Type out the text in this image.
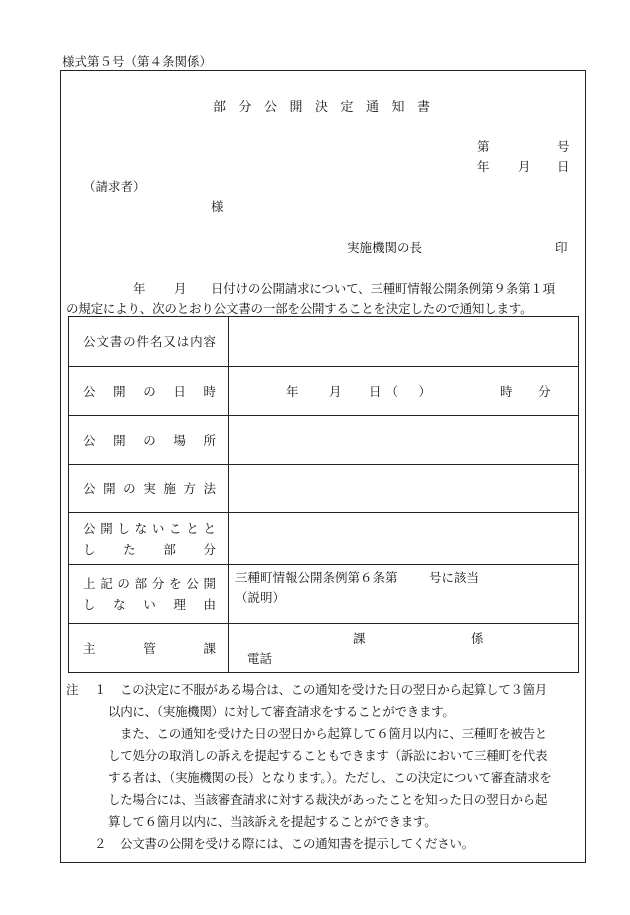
様式第５号（第４条関係）
部分公開決定通知書
第	号
年 月 日
（請求者）
様
実施機関の長	印
年 月 日付けの公開請求について、三種町情報公開条例第９条第１項
の規定により、次のとおり公文書の一部を公開することを決定したので通知します。
公文書の件名又は内容	
公開の日時	年 月 日（　） 時 分

公開の場所	
公開の実施方法	

公開しないことと
した部分	

上記の部分を公開
しない理由	三種町情報公開条例第６条第 号に該当
（説明）

主管課	課 係
電話
注 １ この決定に不服がある場合は、この通知を受けた日の翌日から起算して３箇月
以内に、（実施機関）に対して審査請求をすることができます。
また、この通知を受けた日の翌日から起算して６箇月以内に、三種町を被告と
して処分の取消しの訴えを提起することもできます（訴訟において三種町を代表
する者は、（実施機関の長）となります。）。ただし、この決定について審査請求を
した場合には、当該審査請求に対する裁決があったことを知った日の翌日から起
算して６箇月以内に、当該訴えを提起することができます。
２ 公文書の公開を受ける際には、この通知書を提示してください。
